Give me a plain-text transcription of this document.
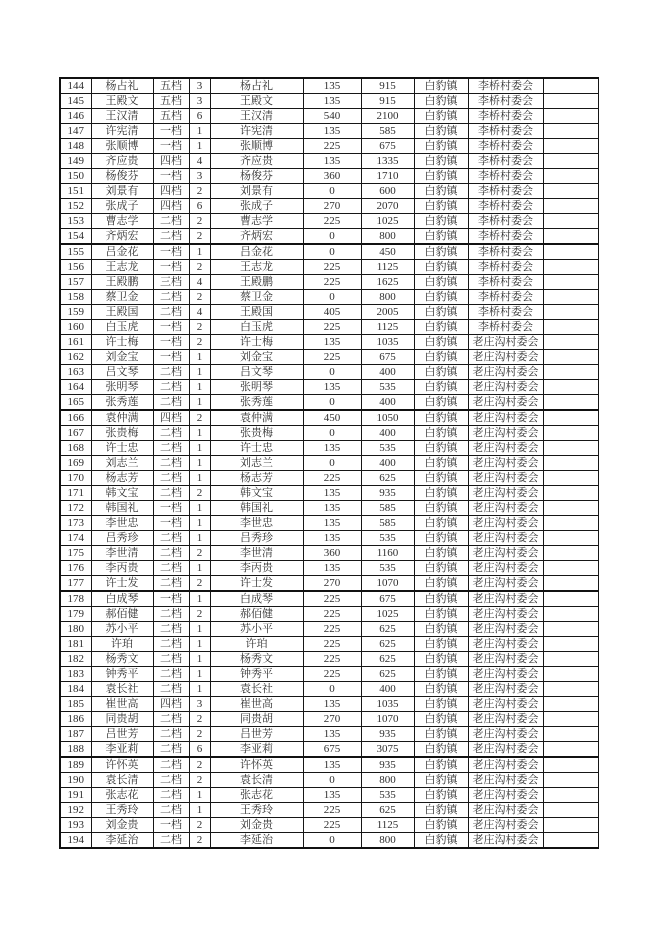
144	杨占礼	五档	3	杨占礼	135	915	白豹镇	李桥村委会	
145	王殿文	五档	3	王殿文	135	915	白豹镇	李桥村委会	
146	王汉清	五档	6	王汉清	540	2100	白豹镇	李桥村委会	
147	许宪清	一档	1	许宪清	135	585	白豹镇	李桥村委会	
148	张顺博	一档	1	张顺博	225	675	白豹镇	李桥村委会	
149	齐应贵	四档	4	齐应贵	135	1335	白豹镇	李桥村委会	
150	杨俊芬	一档	3	杨俊芬	360	1710	白豹镇	李桥村委会	
151	刘景有	四档	2	刘景有	0	600	白豹镇	李桥村委会	
152	张成子	四档	6	张成子	270	2070	白豹镇	李桥村委会	
153	曹志学	二档	2	曹志学	225	1025	白豹镇	李桥村委会	
154	齐炳宏	二档	2	齐炳宏	0	800	白豹镇	李桥村委会	
155	吕金花	一档	1	吕金花	0	450	白豹镇	李桥村委会	
156	王志龙	一档	2	王志龙	225	1125	白豹镇	李桥村委会	
157	王殿鹏	三档	4	王殿鹏	225	1625	白豹镇	李桥村委会	
158	蔡卫金	二档	2	蔡卫金	0	800	白豹镇	李桥村委会	
159	王殿国	二档	4	王殿国	405	2005	白豹镇	李桥村委会	
160	白玉虎	一档	2	白玉虎	225	1125	白豹镇	李桥村委会	
161	许士梅	一档	2	许士梅	135	1035	白豹镇	老庄沟村委会	
162	刘金宝	一档	1	刘金宝	225	675	白豹镇	老庄沟村委会	
163	吕文琴	二档	1	吕文琴	0	400	白豹镇	老庄沟村委会	
164	张明琴	二档	1	张明琴	135	535	白豹镇	老庄沟村委会	
165	张秀莲	二档	1	张秀莲	0	400	白豹镇	老庄沟村委会	
166	袁仲满	四档	2	袁仲满	450	1050	白豹镇	老庄沟村委会	
167	张贵梅	二档	1	张贵梅	0	400	白豹镇	老庄沟村委会	
168	许士忠	二档	1	许士忠	135	535	白豹镇	老庄沟村委会	
169	刘志兰	二档	1	刘志兰	0	400	白豹镇	老庄沟村委会	
170	杨志芳	二档	1	杨志芳	225	625	白豹镇	老庄沟村委会	
171	韩文宝	二档	2	韩文宝	135	935	白豹镇	老庄沟村委会	
172	韩国礼	一档	1	韩国礼	135	585	白豹镇	老庄沟村委会	
173	李世忠	一档	1	李世忠	135	585	白豹镇	老庄沟村委会	
174	吕秀珍	二档	1	吕秀珍	135	535	白豹镇	老庄沟村委会	
175	李世清	二档	2	李世清	360	1160	白豹镇	老庄沟村委会	
176	李丙贵	二档	1	李丙贵	135	535	白豹镇	老庄沟村委会	
177	许士发	二档	2	许士发	270	1070	白豹镇	老庄沟村委会	
178	白成琴	一档	1	白成琴	225	675	白豹镇	老庄沟村委会	
179	郝佰健	二档	2	郝佰健	225	1025	白豹镇	老庄沟村委会	
180	苏小平	二档	1	苏小平	225	625	白豹镇	老庄沟村委会	
181	许珀	二档	1	许珀	225	625	白豹镇	老庄沟村委会	
182	杨秀文	二档	1	杨秀文	225	625	白豹镇	老庄沟村委会	
183	钟秀平	二档	1	钟秀平	225	625	白豹镇	老庄沟村委会	
184	袁长社	二档	1	袁长社	0	400	白豹镇	老庄沟村委会	
185	崔世高	四档	3	崔世高	135	1035	白豹镇	老庄沟村委会	
186	同贵胡	二档	2	同贵胡	270	1070	白豹镇	老庄沟村委会	
187	吕世芳	二档	2	吕世芳	135	935	白豹镇	老庄沟村委会	
188	李亚莉	二档	6	李亚莉	675	3075	白豹镇	老庄沟村委会	
189	许怀英	二档	2	许怀英	135	935	白豹镇	老庄沟村委会	
190	袁长清	二档	2	袁长清	0	800	白豹镇	老庄沟村委会	
191	张志花	二档	1	张志花	135	535	白豹镇	老庄沟村委会	
192	王秀玲	二档	1	王秀玲	225	625	白豹镇	老庄沟村委会	
193	刘金贵	一档	2	刘金贵	225	1125	白豹镇	老庄沟村委会	
194	李延治	二档	2	李延治	0	800	白豹镇	老庄沟村委会	
